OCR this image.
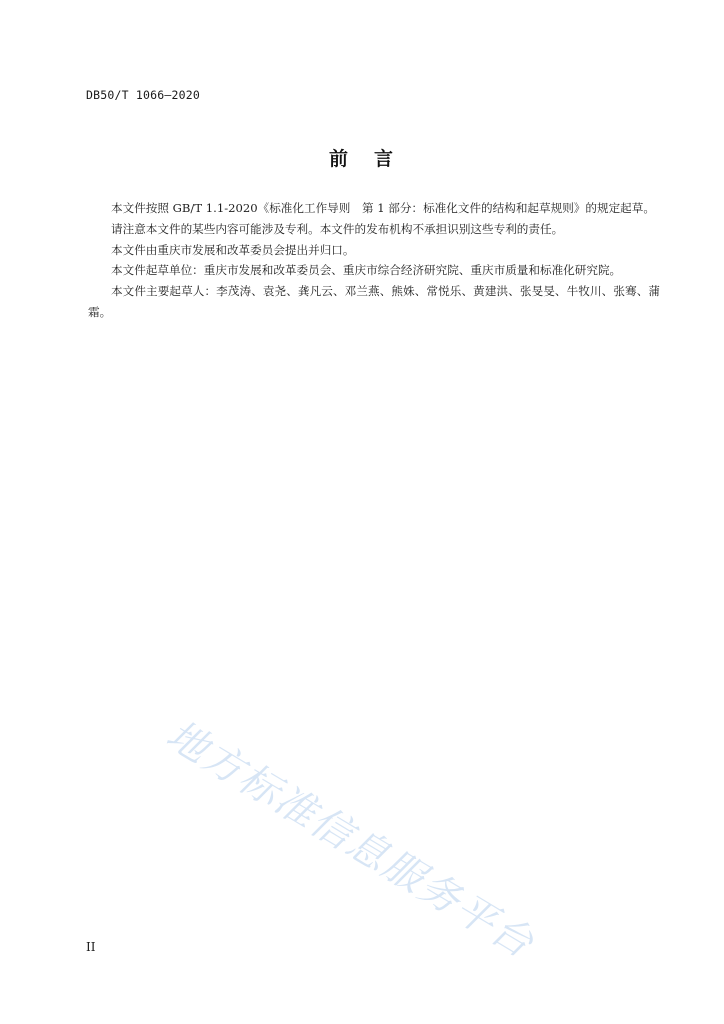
DB50/T 1066—2020
前 言

本文件按照 GB/T 1.1-2020《标准化工作导则　第 1 部分：标准化文件的结构和起草规则》的规定起草。

请注意本文件的某些内容可能涉及专利。本文件的发布机构不承担识别这些专利的责任。

本文件由重庆市发展和改革委员会提出并归口。

本文件起草单位：重庆市发展和改革委员会、重庆市综合经济研究院、重庆市质量和标准化研究院。

本文件主要起草人：李茂涛、袁尧、龚凡云、邓兰燕、熊姝、常悦乐、黄建洪、张旻旻、牛牧川、张骞、蒲霜。

地方标准信息服务平台
II
